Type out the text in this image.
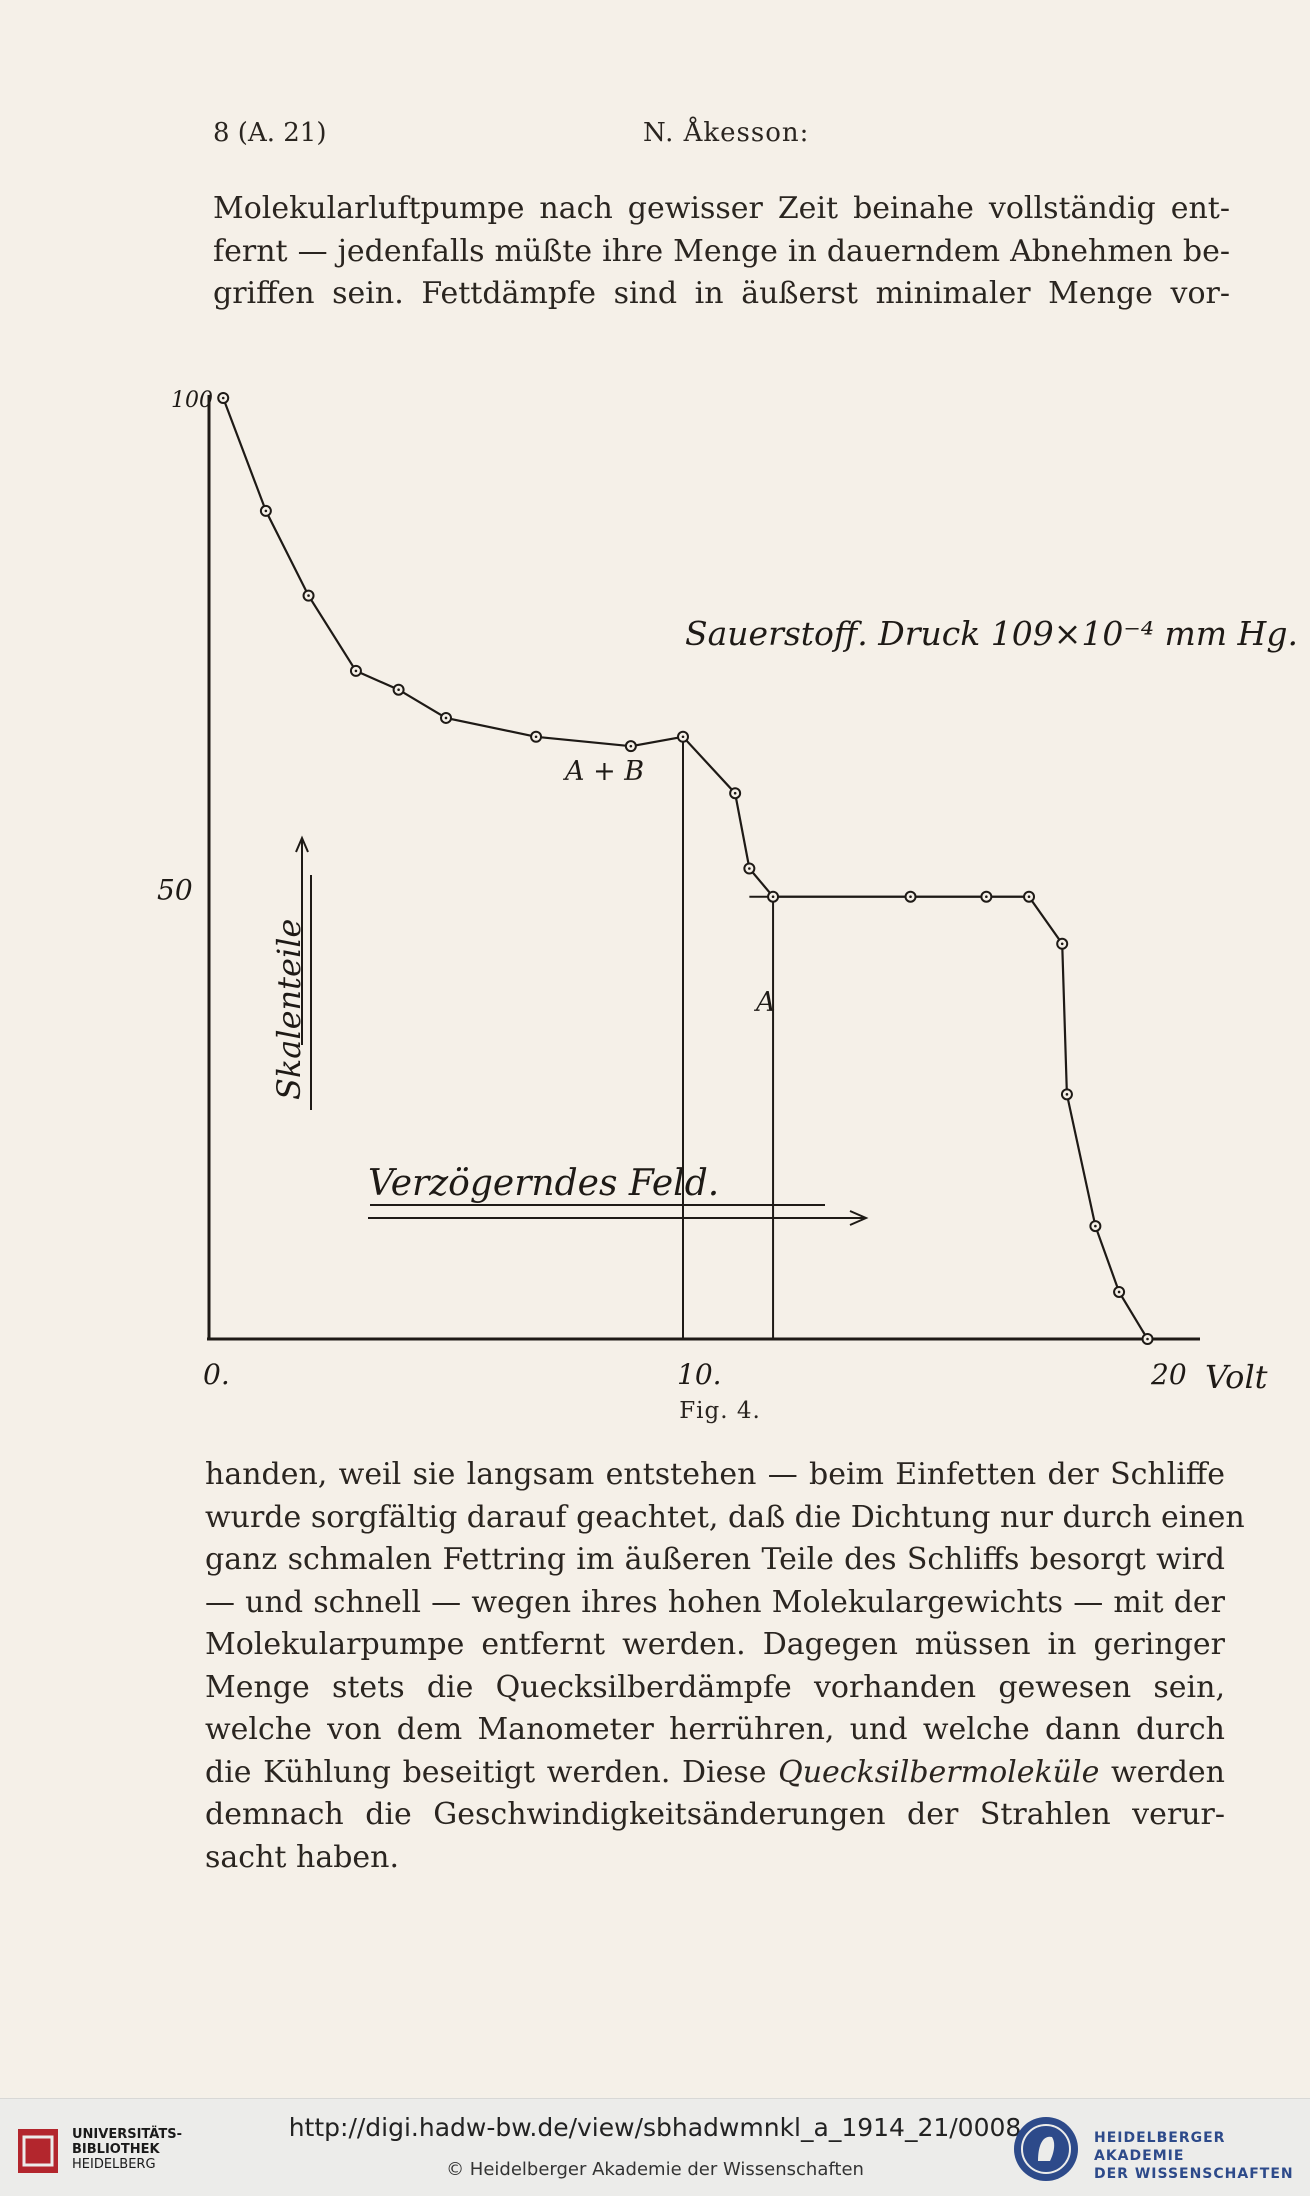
8 (A. 21)	N. Åkesson:
Molekularluftpumpe nach gewisser Zeit beinahe vollständig ent-
fernt — jedenfalls müßte ihre Menge in dauerndem Abnehmen be-
griffen sein. Fettdämpfe sind in äußerst minimaler Menge vor-
0.	10.	20
100
50
Sauerstoff. Druck 109×10⁻⁴ mm Hg.
A + B
A
Skalenteile
Verzögerndes Feld.
Volt
Fig. 4.
handen, weil sie langsam entstehen — beim Einfetten der Schliffe
wurde sorgfältig darauf geachtet, daß die Dichtung nur durch einen
ganz schmalen Fettring im äußeren Teile des Schliffs besorgt wird
— und schnell — wegen ihres hohen Molekulargewichts — mit der
Molekularpumpe entfernt werden. Dagegen müssen in geringer
Menge stets die Quecksilberdämpfe vorhanden gewesen sein,
welche von dem Manometer herrühren, und welche dann durch
die Kühlung beseitigt werden. Diese Quecksilbermoleküle werden
demnach die Geschwindigkeitsänderungen der Strahlen verur-
sacht haben.
UNIVERSITÄTS-
BIBLIOTHEK
HEIDELBERG
http://digi.hadw-bw.de/view/sbhadwmnkl_a_1914_21/0008
© Heidelberger Akademie der Wissenschaften
HEIDELBERGER AKADEMIE
DER WISSENSCHAFTEN
